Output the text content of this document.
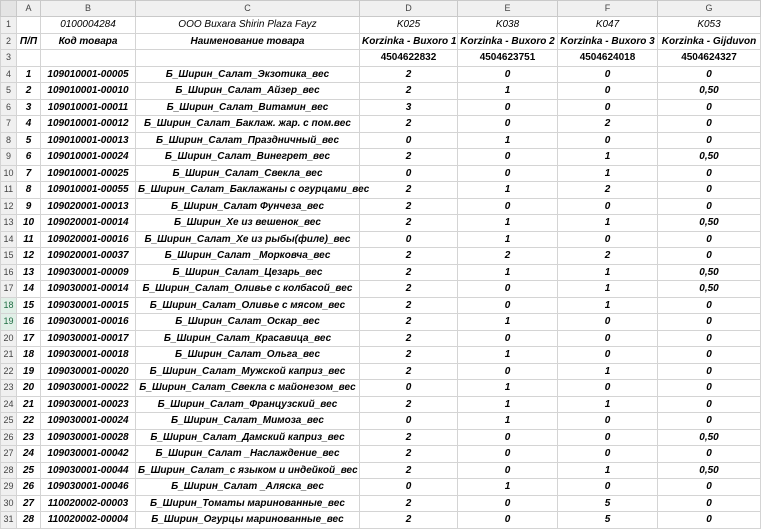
	A	B	C	D	E	F	G
1		0100004284	OOO Buxara Shirin Plaza Fayz	K025	K038	K047	K053
2	П/П	Код товара	Наименование товара	Korzinka - Buxoro 1	Korzinka - Buxoro 2	Korzinka - Buxoro 3	Korzinka - Gijduvon
3				4504622832	4504623751	4504624018	4504624327
4	1	109010001-00005	Б_Ширин_Салат_Экзотика_вес	2	0	0	0
5	2	109010001-00010	Б_Ширин_Салат_Айзер_вес	2	1	0	0,50
6	3	109010001-00011	Б_Ширин_Салат_Витамин_вес	3	0	0	0
7	4	109010001-00012	Б_Ширин_Салат_Баклаж. жар. с пом.вес	2	0	2	0
8	5	109010001-00013	Б_Ширин_Салат_Праздничный_вес	0	1	0	0
9	6	109010001-00024	Б_Ширин_Салат_Винегрет_вес	2	0	1	0,50
10	7	109010001-00025	Б_Ширин_Салат_Свекла_вес	0	0	1	0
11	8	109010001-00055	Б_Ширин_Салат_Баклажаны с огурцами_вес	2	1	2	0
12	9	109020001-00013	Б_Ширин_Салат Фунчеза_вес	2	0	0	0
13	10	109020001-00014	Б_Ширин_Хе из вешенок_вес	2	1	1	0,50
14	11	109020001-00016	Б_Ширин_Салат_Хе из рыбы(филе)_вес	0	1	0	0
15	12	109020001-00037	Б_Ширин_Салат _Морковча_вес	2	2	2	0
16	13	109030001-00009	Б_Ширин_Салат_Цезарь_вес	2	1	1	0,50
17	14	109030001-00014	Б_Ширин_Салат_Оливье с колбасой_вес	2	0	1	0,50
18	15	109030001-00015	Б_Ширин_Салат_Оливье с мясом_вес	2	0	1	0
19	16	109030001-00016	Б_Ширин_Салат_Оскар_вес	2	1	0	0
20	17	109030001-00017	Б_Ширин_Салат_Красавица_вес	2	0	0	0
21	18	109030001-00018	Б_Ширин_Салат_Ольга_вес	2	1	0	0
22	19	109030001-00020	Б_Ширин_Салат_Мужской каприз_вес	2	0	1	0
23	20	109030001-00022	Б_Ширин_Салат_Свекла с майонезом_вес	0	1	0	0
24	21	109030001-00023	Б_Ширин_Салат_Французский_вес	2	1	1	0
25	22	109030001-00024	Б_Ширин_Салат_Мимоза_вес	0	1	0	0
26	23	109030001-00028	Б_Ширин_Салат_Дамский каприз_вес	2	0	0	0,50
27	24	109030001-00042	Б_Ширин_Салат _Наслаждение_вес	2	0	0	0
28	25	109030001-00044	Б_Ширин_Салат_с языком и индейкой_вес	2	0	1	0,50
29	26	109030001-00046	Б_Ширин_Салат _Аляска_вес	0	1	0	0
30	27	110020002-00003	Б_Ширин_Томаты маринованные_вес	2	0	5	0
31	28	110020002-00004	Б_Ширин_Огурцы маринованные_вес	2	0	5	0
